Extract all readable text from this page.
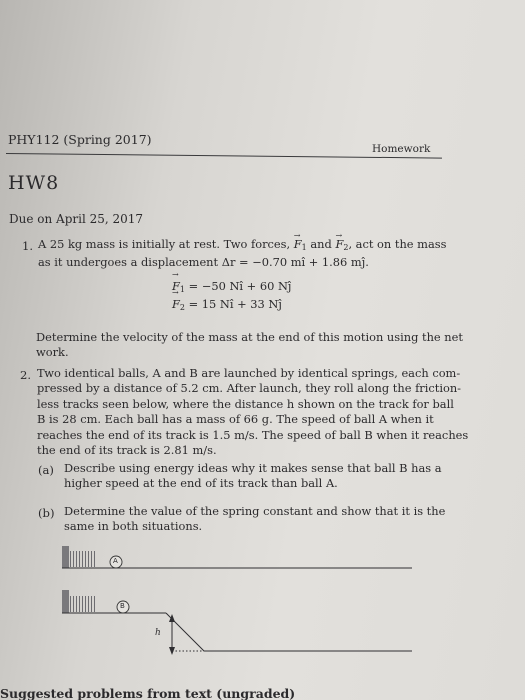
PHY112 (Spring 2017)
Homework
HW8
Due on April 25, 2017
1. A 25 kg mass is initially at rest. Two forces, → $F_1$ and → $F_2$, act on the mass
as it undergoes a displacement Δr = −0.70 mî + 1.86 mĵ.
→ $F_1 = -50$ Nî + 60 Nĵ
→ $F_2 = 15$ Nî + 33 Nĵ
Determine the velocity of the mass at the end of this motion using the net
work.
2. Two identical balls, A and B are launched by identical springs, each com-
pressed by a distance of 5.2 cm. After launch, they roll along the friction-
less tracks seen below, where the distance h shown on the track for ball
B is 28 cm. Each ball has a mass of 66 g. The speed of ball A when it
reaches the end of its track is 1.5 m/s. The speed of ball B when it reaches
the end of its track is 2.81 m/s.
(a) Describe using energy ideas why it makes sense that ball B has a
higher speed at the end of its track than ball A.
(b) Determine the value of the spring constant and show that it is the
same in both situations.
A
B
h
Suggested problems from text (ungraded)
